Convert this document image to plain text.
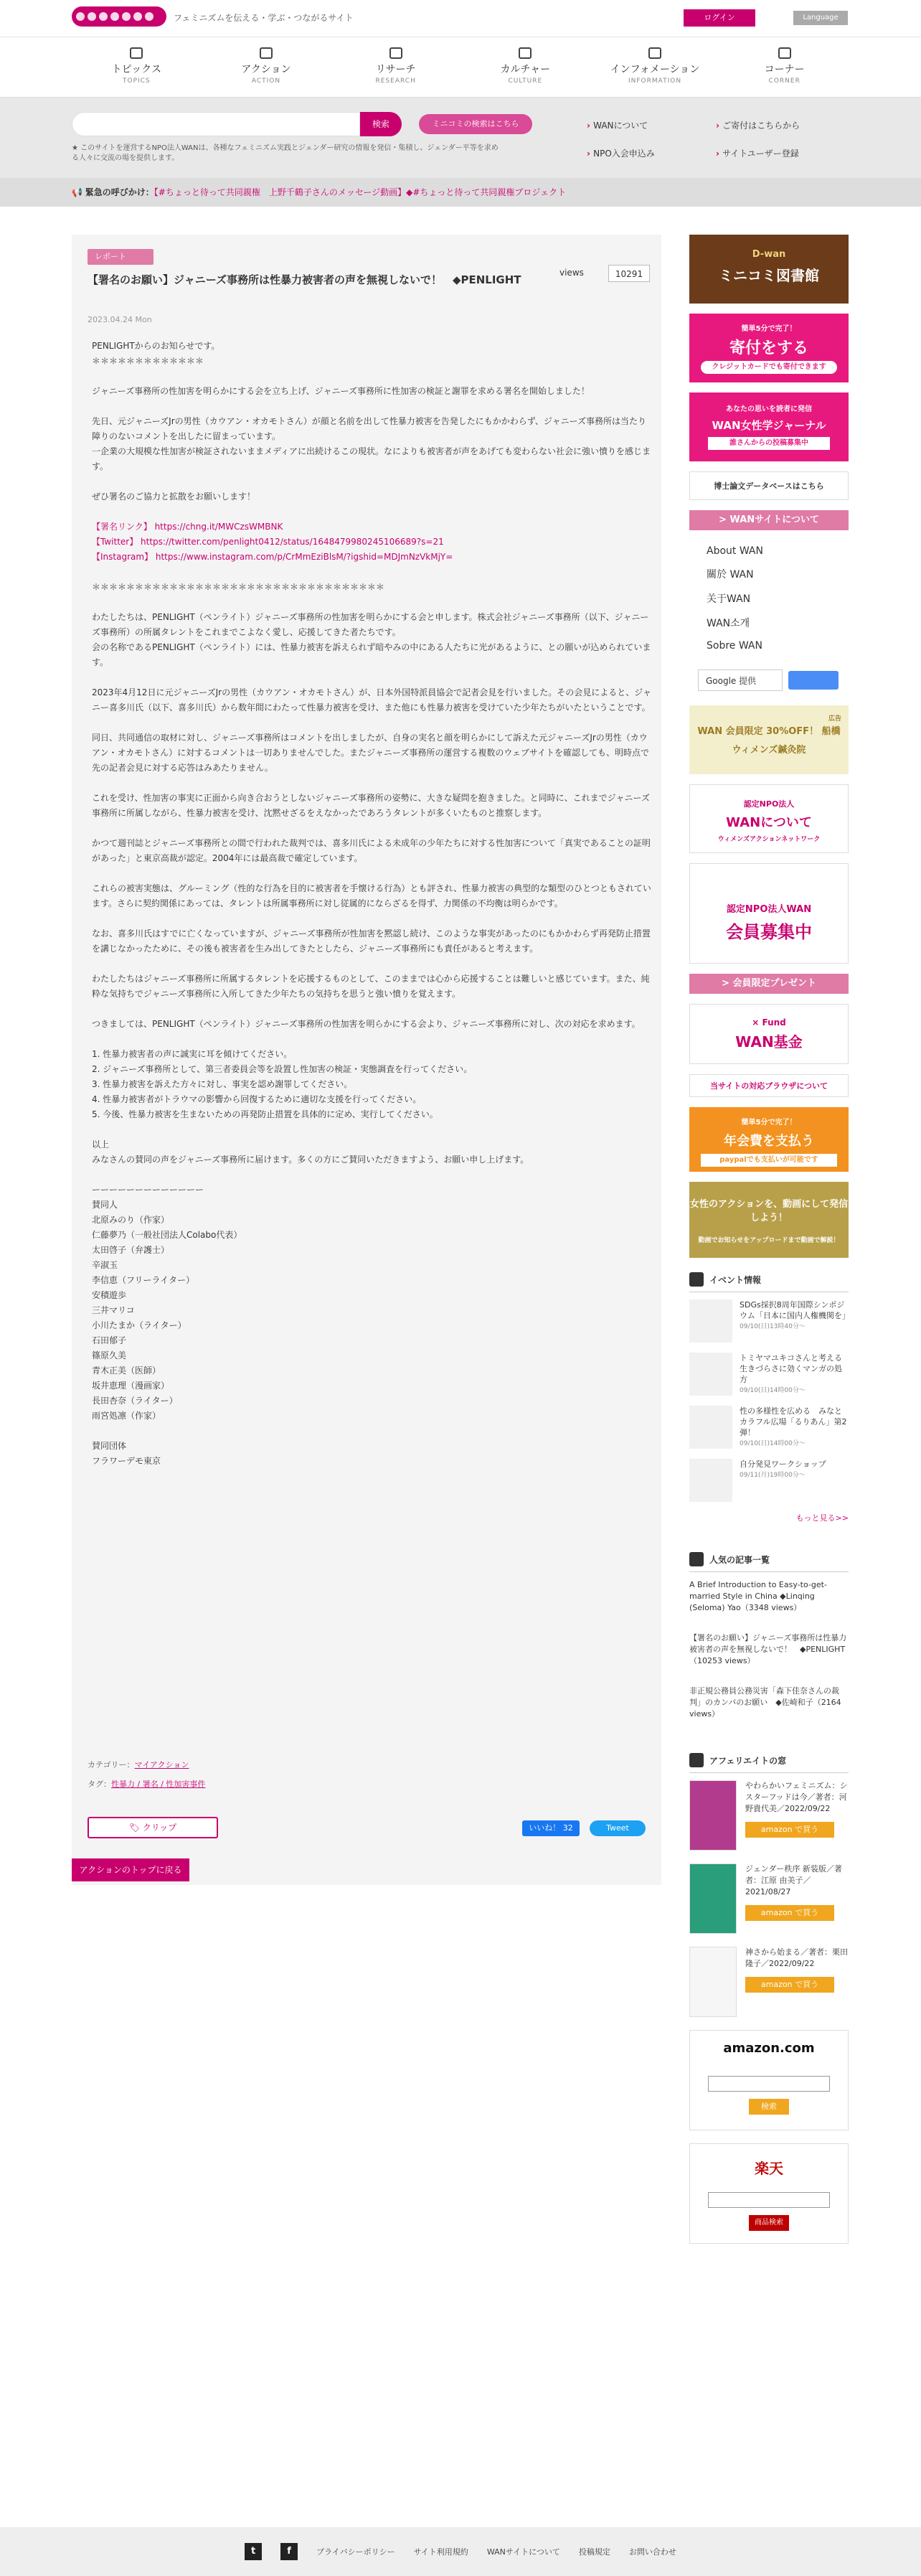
フェミニズムを伝える・学ぶ・つながるサイト	ログイン	Language
トピックス
TOPICS
アクション
ACTION
リサーチ
RESEARCH
カルチャー
CULTURE
インフォメーション
INFORMATION
コーナー
CORNER
検索	ミニコミの検索はこちら
★ このサイトを運営するNPO法人WANは、各種なフェミニズム実践とジェンダー研究の情報を発信・集積し、ジェンダー平等を求める人々に交流の場を提供します。
› WANについて	› ご寄付はこちらから
› NPO入会申込み	› サイトユーザー登録
📢 緊急の呼びかけ：【#ちょっと待って共同親権　上野千鶴子さんのメッセージ動画】◆#ちょっと待って共同親権プロジェクト
レポート
【署名のお願い】ジャニーズ事務所は性暴力被害者の声を無視しないで！　◆PENLIGHT
views	10291
2023.04.24 Mon

PENLIGHTからのお知らせです。
＊＊＊＊＊＊＊＊＊＊＊＊＊

ジャニーズ事務所の性加害を明らかにする会を立ち上げ、ジャニーズ事務所に性加害の検証と謝罪を求める署名を開始しました！

先日、元ジャニーズJrの男性（カウアン・オカモトさん）が顔と名前を出して性暴力被害を告発したにもかかわらず、ジャニーズ事務所は当たり障りのないコメントを出したに留まっています。
一企業の大規模な性加害が検証されないままメディアに出続けるこの現状。なによりも被害者が声をあげても変わらない社会に強い憤りを感じます。

ぜひ署名のご協力と拡散をお願いします！

【署名リンク】 https://chng.it/MWCzsWMBNK
【Twitter】 https://twitter.com/penlight0412/status/1648479980245106689?s=21
【Instagram】 https://www.instagram.com/p/CrMmEziBlsM/?igshid=MDJmNzVkMjY=

＊＊＊＊＊＊＊＊＊＊＊＊＊＊＊＊＊＊＊＊＊＊＊＊＊＊＊＊＊＊＊＊＊＊

わたしたちは、PENLIGHT（ペンライト）ジャニーズ事務所の性加害を明らかにする会と申します。株式会社ジャニーズ事務所（以下、ジャニーズ事務所）の所属タレントをこれまでこよなく愛し、応援してきた者たちです。
会の名称であるPENLIGHT（ペンライト）には、性暴力被害を訴えられず暗やみの中にある人たちに光があるように、との願いが込められています。

2023年4月12日に元ジャニーズJrの男性（カウアン・オカモトさん）が、日本外国特派員協会で記者会見を行いました。その会見によると、ジャニー喜多川氏（以下、喜多川氏）から数年間にわたって性暴力被害を受け、また他にも性暴力被害を受けていた少年たちがいたということです。

同日、共同通信の取材に対し、ジャニーズ事務所はコメントを出しましたが、自身の実名と顔を明らかにして訴えた元ジャニーズJrの男性（カウアン・オカモトさん）に対するコメントは一切ありませんでした。またジャニーズ事務所の運営する複数のウェブサイトを確認しても、明時点で先の記者会見に対する応答はみあたりません。

これを受け、性加害の事実に正面から向き合おうとしないジャニーズ事務所の姿勢に、大きな疑問を抱きました。と同時に、これまでジャニーズ事務所に所属しながら、性暴力被害を受け、沈黙せざるをえなかったであろうタレントが多くいたものと推察します。

かつて週刊誌とジャニーズ事務所との間で行われた裁判では、喜多川氏による未成年の少年たちに対する性加害について「真実であることの証明があった」と東京高裁が認定。2004年には最高裁で確定しています。

これらの被害実態は、グルーミング（性的な行為を目的に被害者を手懐ける行為）とも評され、性暴力被害の典型的な類型のひとつともされています。さらに契約関係にあっては、タレントは所属事務所に対し従属的にならざるを得ず、力関係の不均衡は明らかです。

なお、喜多川氏はすでに亡くなっていますが、ジャニーズ事務所が性加害を黙認し続け、このような事実があったのにもかかわらず再発防止措置を講じなかったために、その後も被害者を生み出してきたとしたら、ジャニーズ事務所にも責任があると考えます。

わたしたちはジャニーズ事務所に所属するタレントを応援するものとして、このままでは心から応援することは難しいと感じています。また、純粋な気持ちでジャニーズ事務所に入所してきた少年たちの気持ちを思うと強い憤りを覚えます。

つきましては、PENLIGHT（ペンライト）ジャニーズ事務所の性加害を明らかにする会より、ジャニーズ事務所に対し、次の対応を求めます。

1. 性暴力被害者の声に誠実に耳を傾けてください。
2. ジャニーズ事務所として、第三者委員会等を設置し性加害の検証・実態調査を行ってください。
3. 性暴力被害を訴えた方々に対し、事実を認め謝罪してください。
4. 性暴力被害者がトラウマの影響から回復するために適切な支援を行ってください。
5. 今後、性暴力被害を生まないための再発防止措置を具体的に定め、実行してください。

以上
みなさんの賛同の声をジャニーズ事務所に届けます。多くの方にご賛同いただきますよう、お願い申し上げます。

ーーーーーーーーーーーーー
賛同人
北原みのり（作家）
仁藤夢乃（一般社団法人Colabo代表）
太田啓子（弁護士）
辛淑玉
李信恵（フリーライター）
安積遊歩
三井マリコ
小川たまか（ライター）
石田郁子
篠原久美
青木正美（医師）
坂井恵理（漫画家）
長田杏奈（ライター）
雨宮処凛（作家）

賛同団体
フラワーデモ東京

カテゴリー：マイアクション
タグ：性暴力 / 署名 / 性加害事件
🏷 クリップ	いいね！ 32	Tweet
アクションのトップに戻る
D-wan
ミニコミ図書館
簡単5分で完了！
寄付をする
クレジットカードでも寄付できます
あなたの思いを読者に発信
WAN女性学ジャーナル
誰さんからの投稿募集中
博士論文データベースはこちら
> WANサイトについて
About WAN
關於 WAN
关于WAN
WAN소개
Sobre WAN
Google 提供
広告
WAN 会員限定 30%OFF！ 船橋ウィメンズ鍼灸院
認定NPO法人
WANについて
ウィメンズアクションネットワーク
認定NPO法人WAN
会員募集中
> 会員限定プレゼント
× Fund
WAN基金
当サイトの対応ブラウザについて
簡単5分で完了！
年会費を支払う
paypalでも支払いが可能です
女性のアクションを、動画にして発信しよう！
動画でお知らせをアップロードまで動画で解説！
イベント情報
SDGs採択8周年国際シンポジウム「日本に国内人権機関を」
09/10(日)13時40分～
トミヤマユキコさんと考える　生きづらさに効くマンガの処方
09/10(日)14時00分～
性の多様性を広める　みなとカラフル広場「るりあん」第2弾！
09/10(日)14時00分～
自分発見ワークショップ
09/11(月)19時00分～
もっと見る>>
人気の記事一覧
A Brief Introduction to Easy-to-get-married Style in China ◆Linqing (Seloma) Yao（3348 views）
【署名のお願い】ジャニーズ事務所は性暴力被害者の声を無視しないで！　◆PENLIGHT（10253 views）
非正規公務員公務災害「森下佳奈さんの裁判」のカンパのお願い　◆佐崎和子（2164 views）
アフェリエイトの窓
やわらかいフェミニズム：シスターフッドは今／著者：河野貴代美／2022/09/22
amazon で買う
ジェンダー秩序 新装版／著者：江原 由美子／2021/08/27
amazon で買う
神さから始まる／著者：栗田隆子／2022/09/22
amazon で買う
amazon.com
検索
楽天
商品検索
t	f	プライバシーポリシー サイト利用規約 WANサイトについて 投稿規定 お問い合わせ
